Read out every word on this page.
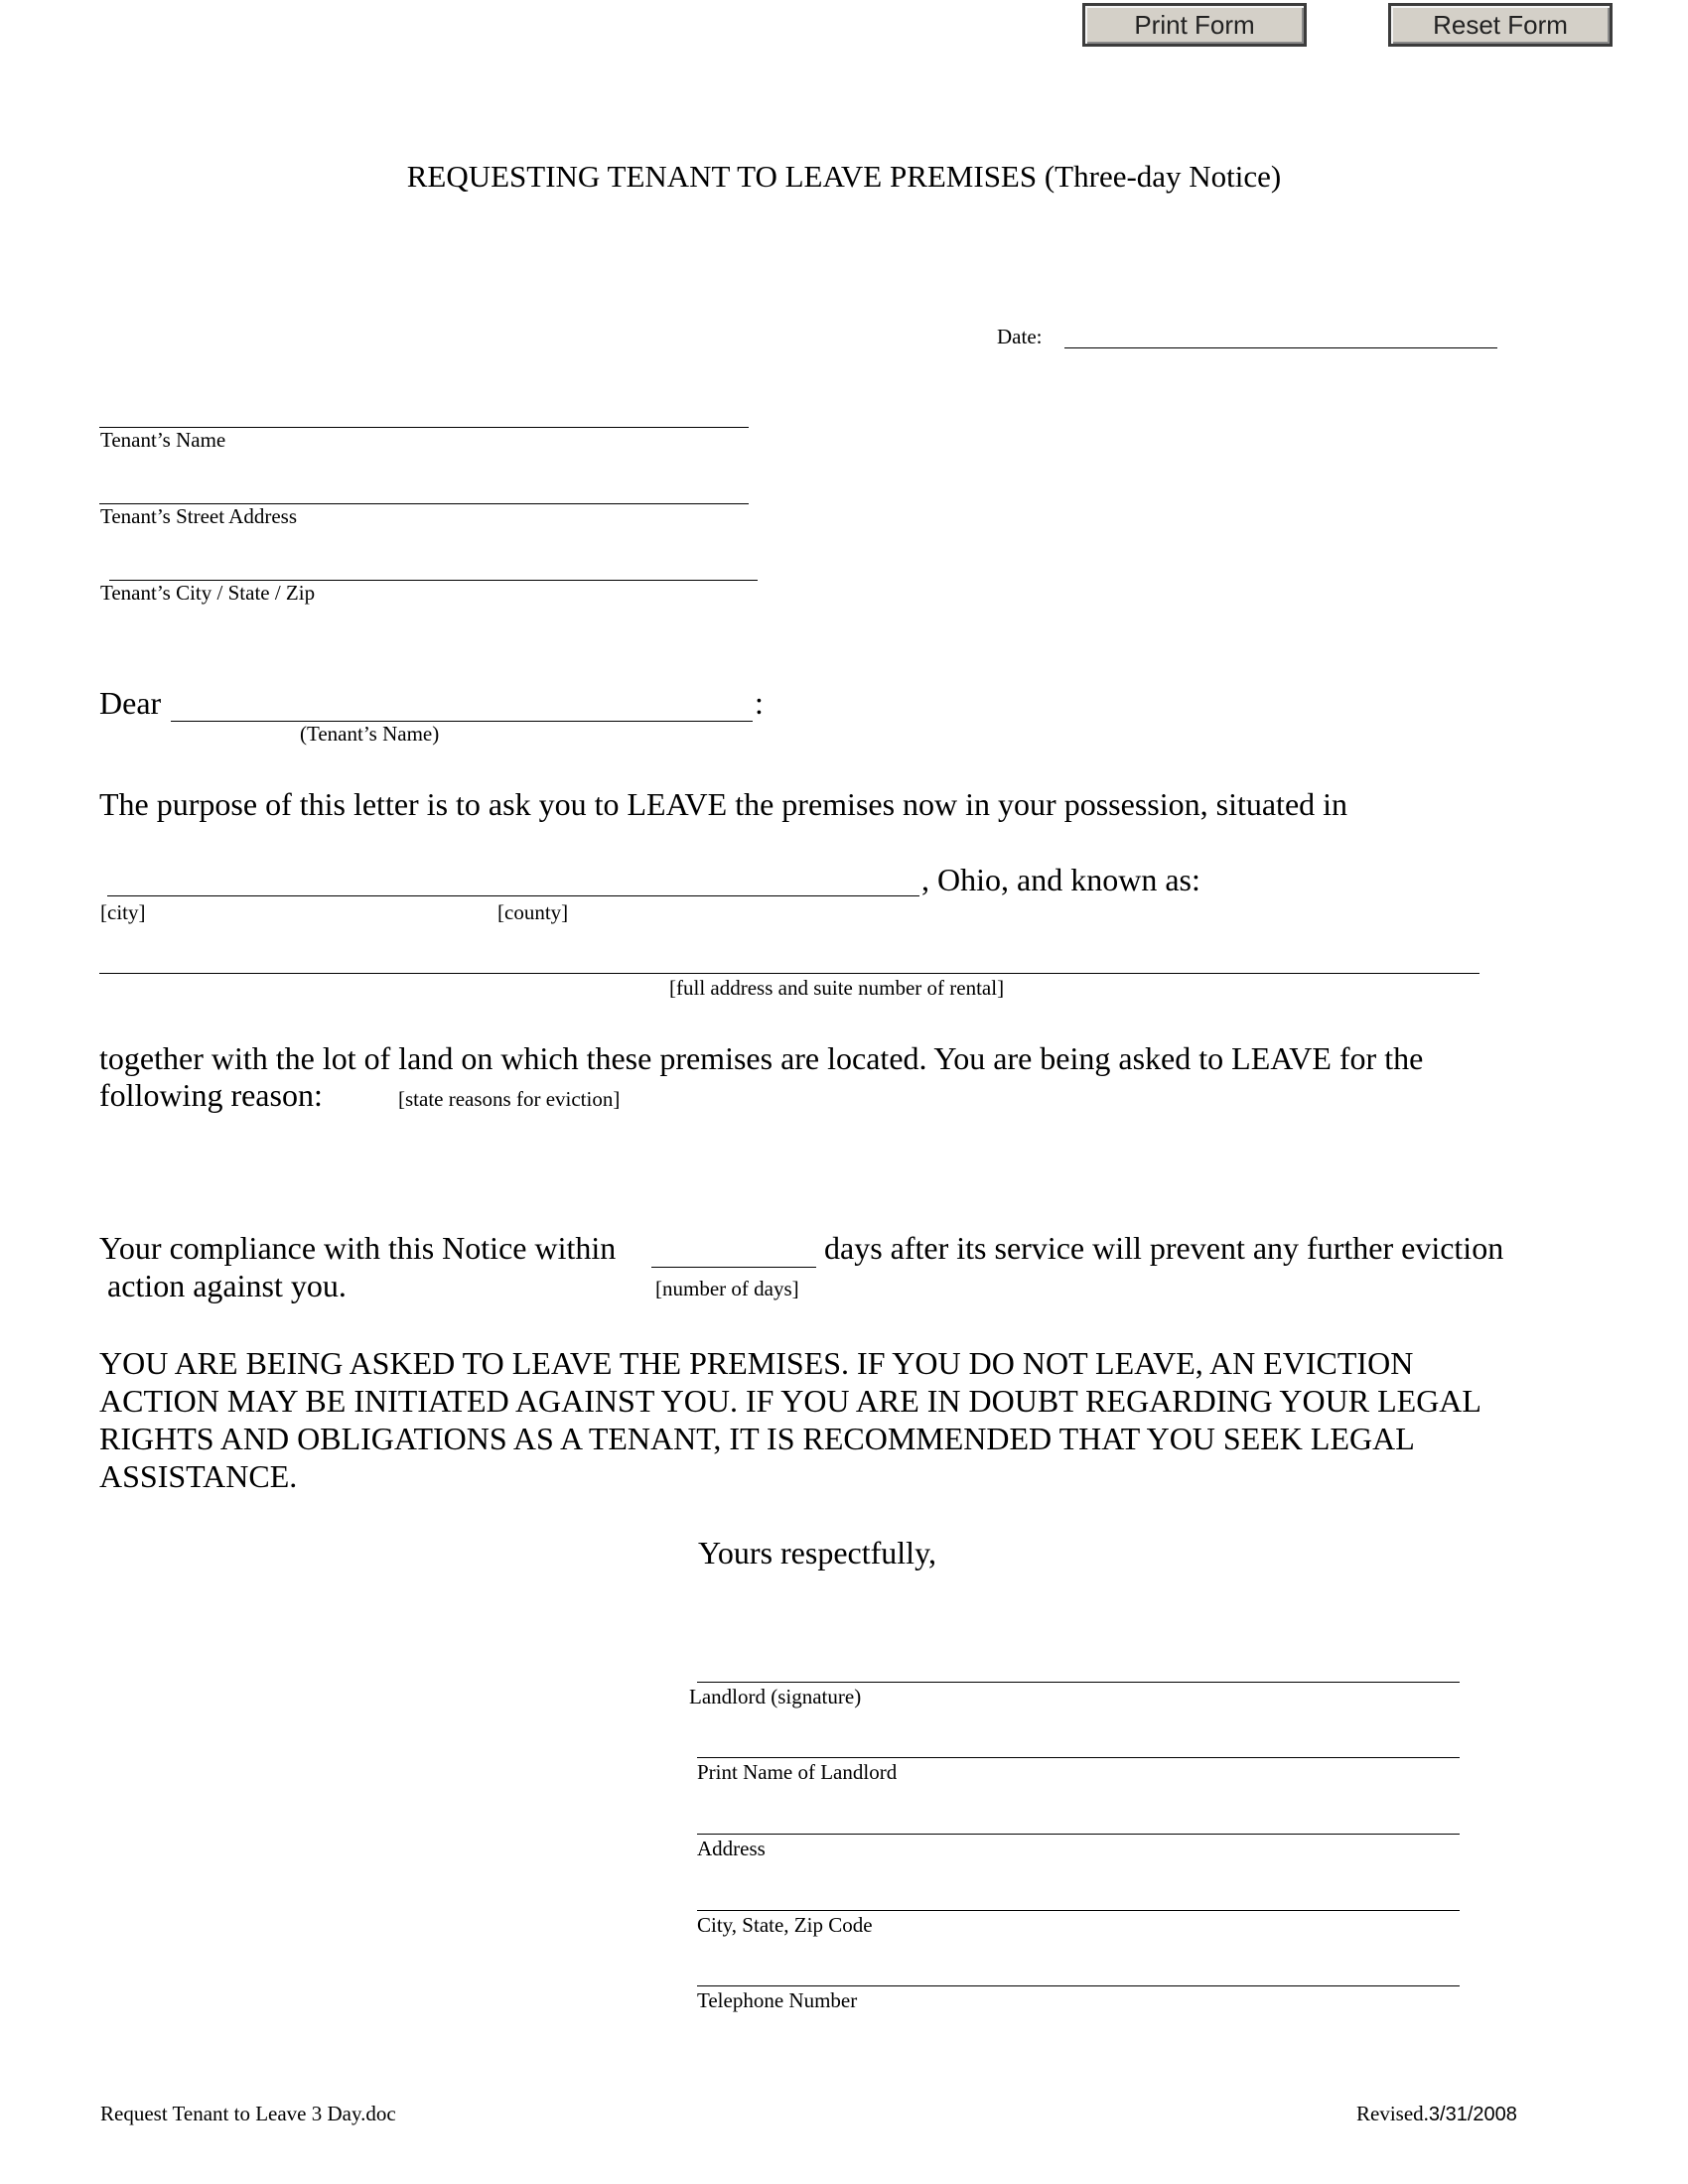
Print Form	Reset Form
REQUESTING TENANT TO LEAVE PREMISES (Three-day Notice)
Date:
Tenant’s Name
Tenant’s Street Address
Tenant’s City / State / Zip
Dear	:
(Tenant’s Name)
The purpose of this letter is to ask you to LEAVE the premises now in your possession, situated in
, Ohio, and known as:
[city]	[county]
[full address and suite number of rental]
together with the lot of land on which these premises are located. You are being asked to LEAVE for the
following reason:	[state reasons for eviction]
Your compliance with this Notice within	days after its service will prevent any further eviction
action against you.	[number of days]
YOU ARE BEING ASKED TO LEAVE THE PREMISES. IF YOU DO NOT LEAVE, AN EVICTION
ACTION MAY BE INITIATED AGAINST YOU. IF YOU ARE IN DOUBT REGARDING YOUR LEGAL
RIGHTS AND OBLIGATIONS AS A TENANT, IT IS RECOMMENDED THAT YOU SEEK LEGAL
ASSISTANCE.
Yours respectfully,
Landlord (signature)
Print Name of Landlord
Address
City, State, Zip Code
Telephone Number
Request Tenant to Leave 3 Day.doc	Revised.3/31/2008
